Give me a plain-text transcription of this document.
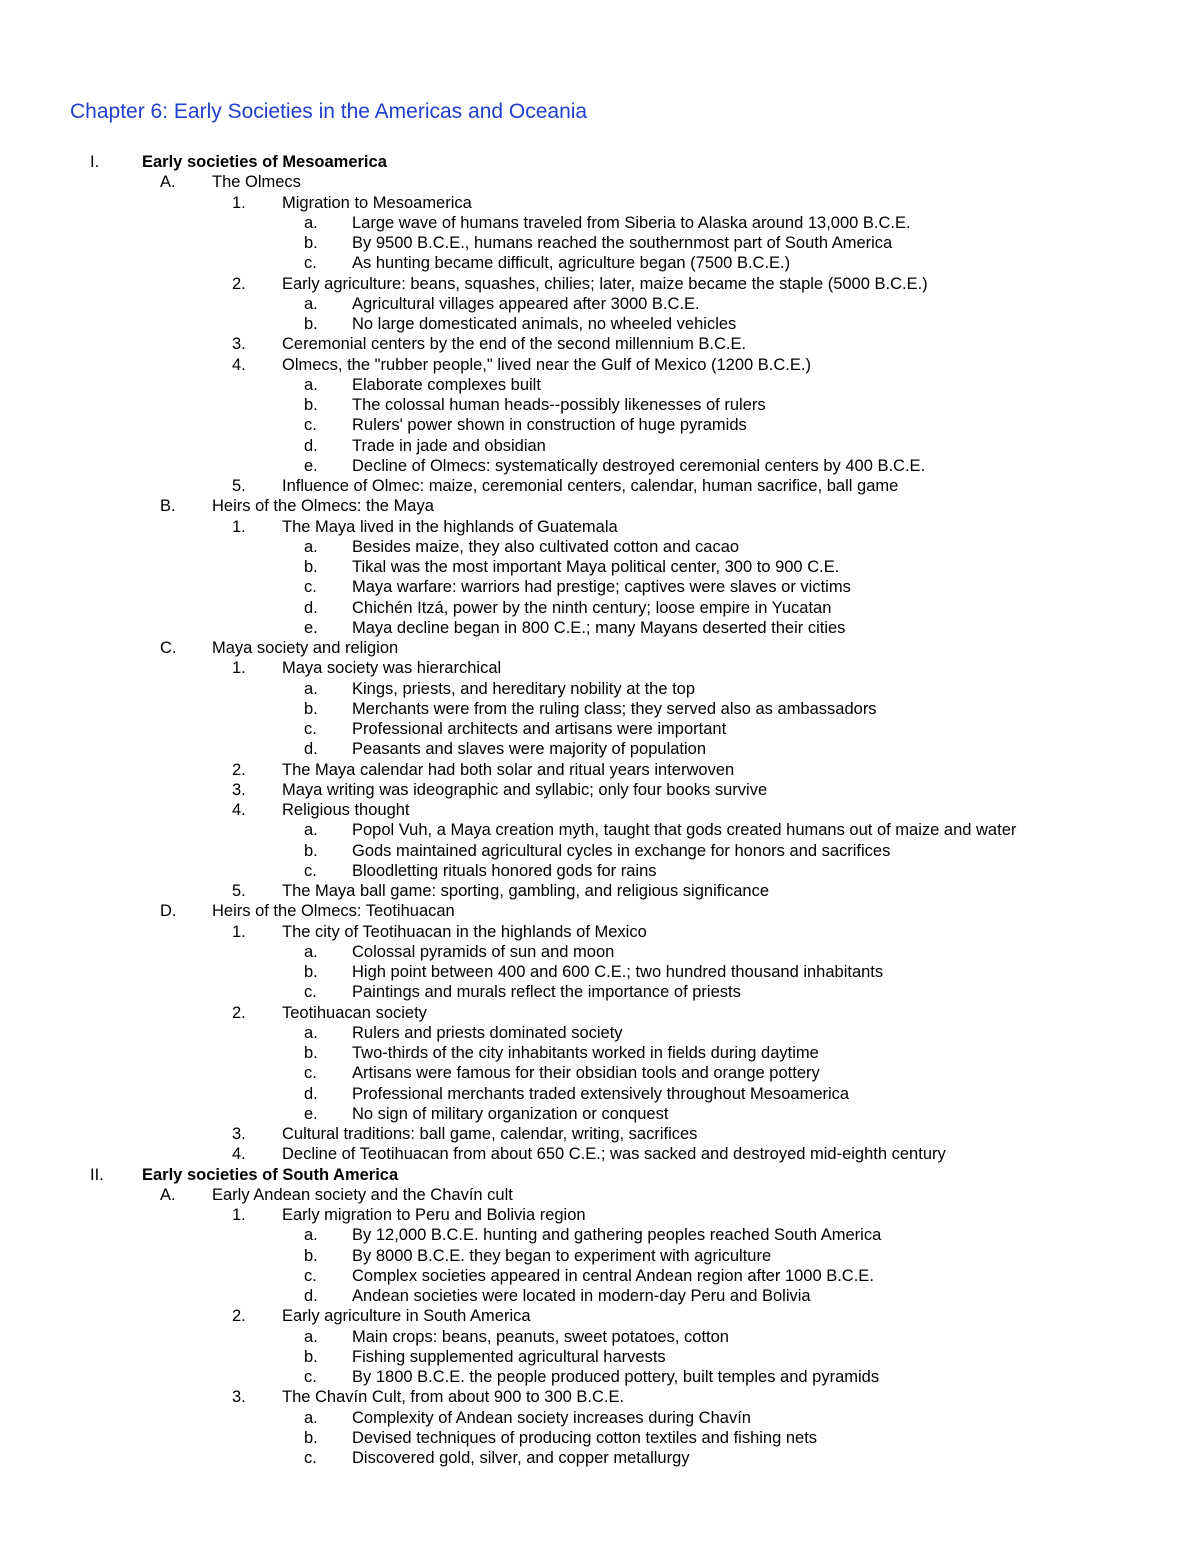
Chapter 6: Early Societies in the Americas and Oceania
I.	Early societies of Mesoamerica
A. The Olmecs
1. Migration to Mesoamerica
a. Large wave of humans traveled from Siberia to Alaska around 13,000 B.C.E.
b. By 9500 B.C.E., humans reached the southernmost part of South America
c. As hunting became difficult, agriculture began (7500 B.C.E.)
2. Early agriculture: beans, squashes, chilies; later, maize became the staple (5000 B.C.E.)
a. Agricultural villages appeared after 3000 B.C.E.
b. No large domesticated animals, no wheeled vehicles
3. Ceremonial centers by the end of the second millennium B.C.E.
4. Olmecs, the "rubber people," lived near the Gulf of Mexico (1200 B.C.E.)
a. Elaborate complexes built
b. The colossal human heads--possibly likenesses of rulers
c. Rulers' power shown in construction of huge pyramids
d. Trade in jade and obsidian
e. Decline of Olmecs: systematically destroyed ceremonial centers by 400 B.C.E.
5. Influence of Olmec: maize, ceremonial centers, calendar, human sacrifice, ball game
B. Heirs of the Olmecs: the Maya
1. The Maya lived in the highlands of Guatemala
a. Besides maize, they also cultivated cotton and cacao
b. Tikal was the most important Maya political center, 300 to 900 C.E.
c. Maya warfare: warriors had prestige; captives were slaves or victims
d. Chichén Itzá, power by the ninth century; loose empire in Yucatan
e. Maya decline began in 800 C.E.; many Mayans deserted their cities
C. Maya society and religion
1. Maya society was hierarchical
a. Kings, priests, and hereditary nobility at the top
b. Merchants were from the ruling class; they served also as ambassadors
c. Professional architects and artisans were important
d. Peasants and slaves were majority of population
2. The Maya calendar had both solar and ritual years interwoven
3. Maya writing was ideographic and syllabic; only four books survive
4. Religious thought
a. Popol Vuh, a Maya creation myth, taught that gods created humans out of maize and water
b. Gods maintained agricultural cycles in exchange for honors and sacrifices
c. Bloodletting rituals honored gods for rains
5. The Maya ball game: sporting, gambling, and religious significance
D. Heirs of the Olmecs: Teotihuacan
1. The city of Teotihuacan in the highlands of Mexico
a. Colossal pyramids of sun and moon
b. High point between 400 and 600 C.E.; two hundred thousand inhabitants
c. Paintings and murals reflect the importance of priests
2. Teotihuacan society
a. Rulers and priests dominated society
b. Two-thirds of the city inhabitants worked in fields during daytime
c. Artisans were famous for their obsidian tools and orange pottery
d. Professional merchants traded extensively throughout Mesoamerica
e. No sign of military organization or conquest
3. Cultural traditions: ball game, calendar, writing, sacrifices
4. Decline of Teotihuacan from about 650 C.E.; was sacked and destroyed mid-eighth century
II. Early societies of South America
A. Early Andean society and the Chavín cult
1. Early migration to Peru and Bolivia region
a. By 12,000 B.C.E. hunting and gathering peoples reached South America
b. By 8000 B.C.E. they began to experiment with agriculture
c. Complex societies appeared in central Andean region after 1000 B.C.E.
d. Andean societies were located in modern-day Peru and Bolivia
2. Early agriculture in South America
a. Main crops: beans, peanuts, sweet potatoes, cotton
b. Fishing supplemented agricultural harvests
c. By 1800 B.C.E. the people produced pottery, built temples and pyramids
3. The Chavín Cult, from about 900 to 300 B.C.E.
a. Complexity of Andean society increases during Chavín
b. Devised techniques of producing cotton textiles and fishing nets
c. Discovered gold, silver, and copper metallurgy
